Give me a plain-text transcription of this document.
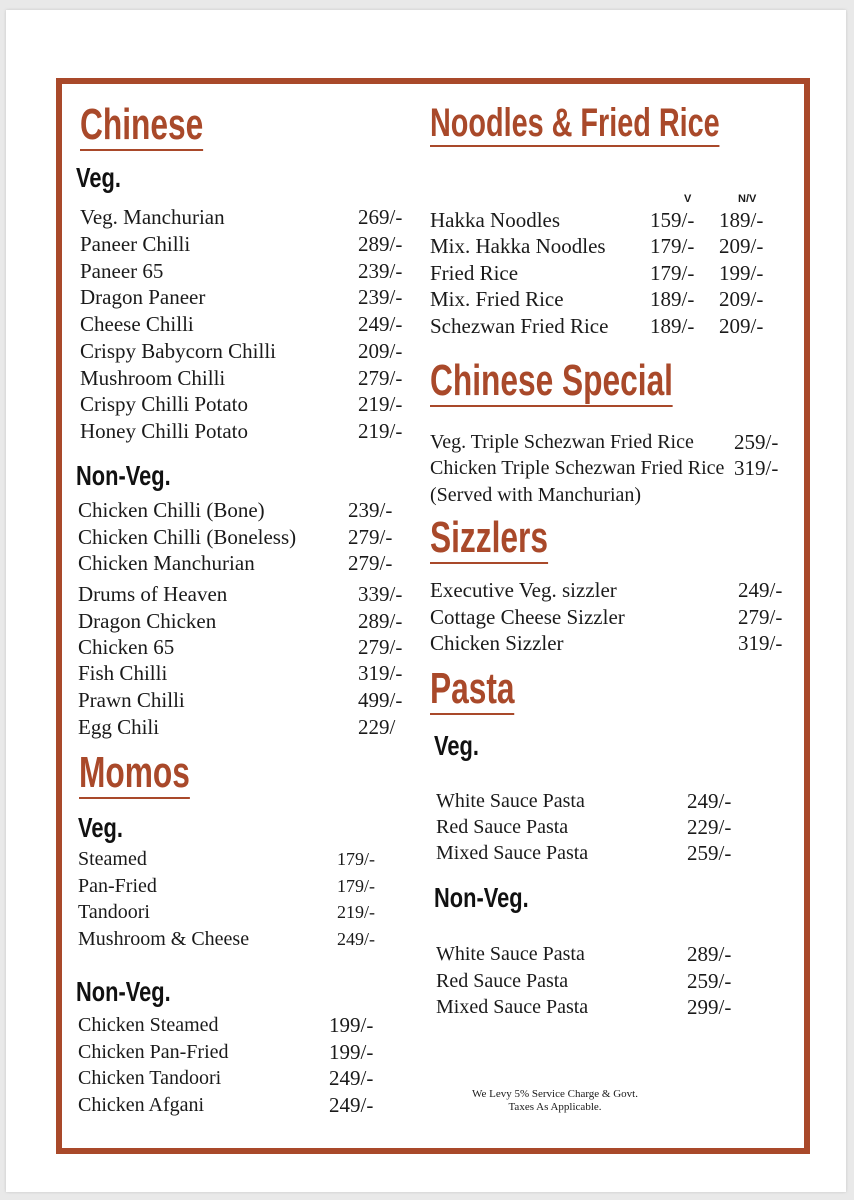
Chinese
Veg.
Veg. Manchurian	269/-
Paneer Chilli	289/-
Paneer 65	239/-
Dragon Paneer	239/-
Cheese Chilli	249/-
Crispy Babycorn Chilli	209/-
Mushroom Chilli	279/-
Crispy Chilli Potato	219/-
Honey Chilli Potato	219/-
Non-Veg.
Chicken Chilli (Bone)	239/-
Chicken Chilli (Boneless) 279/-
Chicken Manchurian	279/-
Drums of Heaven	339/-
Dragon Chicken	289/-
Chicken 65	279/-
Fish Chilli	319/-
Prawn Chilli	499/-
Egg Chili	229/
Momos
Veg.
Steamed	179/-
Pan-Fried	179/-
Tandoori	219/-
Mushroom & Cheese	249/-
Non-Veg.
Chicken Steamed	199/-
Chicken Pan-Fried	199/-
Chicken Tandoori	249/-
Chicken Afgani	249/-
Noodles & Fried Rice
V	N/V
Hakka Noodles	159/- 189/-
Mix. Hakka Noodles 179/- 209/-
Fried Rice	179/- 199/-
Mix. Fried Rice	189/- 209/-
Schezwan Fried Rice 189/- 209/-
Chinese Special
Veg. Triple Schezwan Fried Rice 259/-
Chicken Triple Schezwan Fried Rice 319/-
(Served with Manchurian)
Sizzlers
Executive Veg. sizzler	249/-
Cottage Cheese Sizzler	279/-
Chicken Sizzler	319/-
Pasta
Veg.
White Sauce Pasta	249/-
Red Sauce Pasta	229/-
Mixed Sauce Pasta	259/-
Non-Veg.
White Sauce Pasta	289/-
Red Sauce Pasta	259/-
Mixed Sauce Pasta	299/-
We Levy 5% Service Charge & Govt.
Taxes As Applicable.
